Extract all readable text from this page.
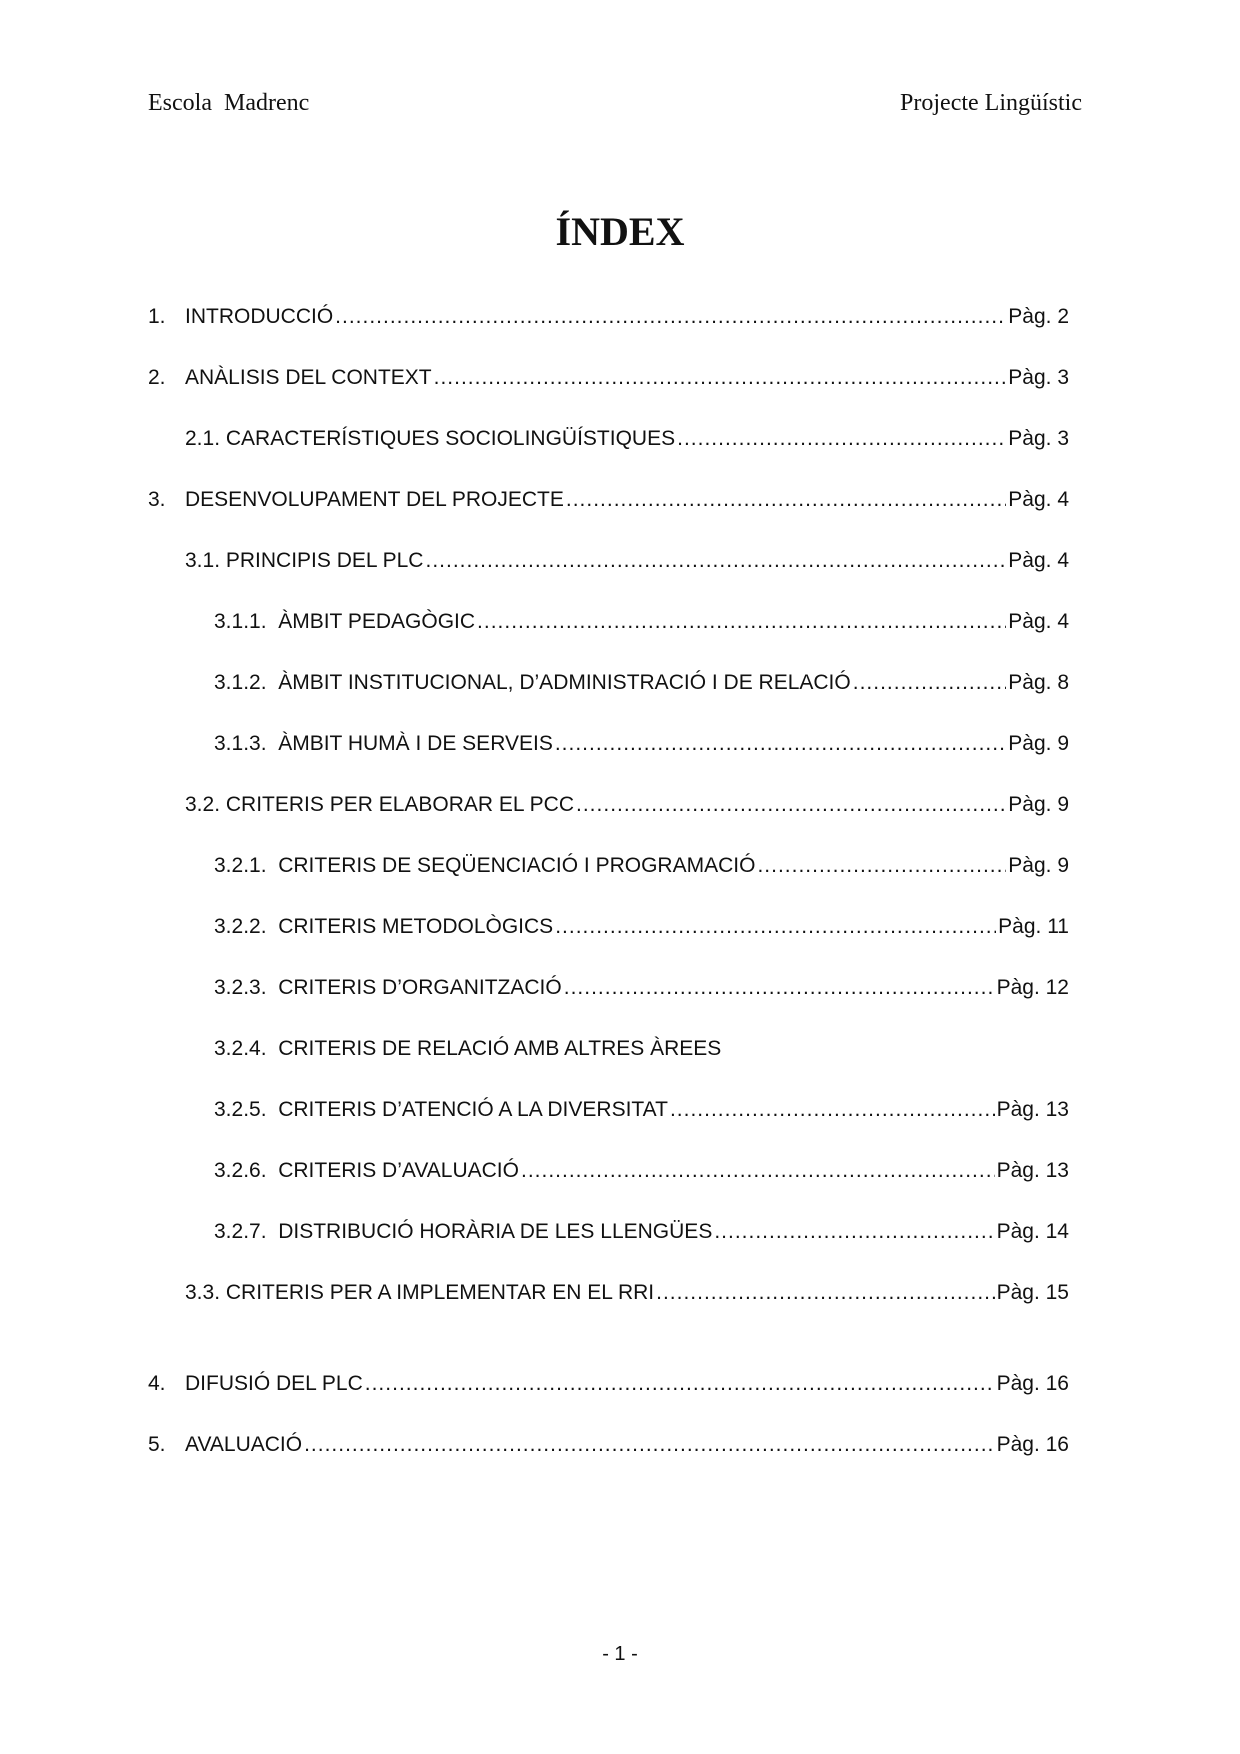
Escola  Madrenc	Projecte Lingüístic
ÍNDEX
1. INTRODUCCIÓ .....	Pàg. 2
2. ANÀLISIS DEL CONTEXT .....	Pàg. 3
2.1. CARACTERÍSTIQUES SOCIOLINGÜÍSTIQUES .....	Pàg. 3
3. DESENVOLUPAMENT DEL PROJECTE .....	Pàg. 4
3.1. PRINCIPIS DEL PLC .....	Pàg. 4
3.1.1.  ÀMBIT PEDAGÒGIC .....	Pàg. 4
3.1.2.  ÀMBIT INSTITUCIONAL, D’ADMINISTRACIÓ I DE RELACIÓ .....	Pàg. 8
3.1.3.  ÀMBIT HUMÀ I DE SERVEIS .....	Pàg. 9
3.2. CRITERIS PER ELABORAR EL PCC .....	Pàg. 9
3.2.1.  CRITERIS DE SEQÜENCIACIÓ I PROGRAMACIÓ .....	Pàg. 9
3.2.2.  CRITERIS METODOLÒGICS .....	Pàg. 11
3.2.3.  CRITERIS D’ORGANITZACIÓ .....	Pàg. 12
3.2.4.  CRITERIS DE RELACIÓ AMB ALTRES ÀREES
3.2.5.  CRITERIS D’ATENCIÓ A LA DIVERSITAT .....	Pàg. 13
3.2.6.  CRITERIS D’AVALUACIÓ .....	Pàg. 13
3.2.7.  DISTRIBUCIÓ HORÀRIA DE LES LLENGÜES .....	Pàg. 14
3.3. CRITERIS PER A IMPLEMENTAR EN EL RRI .....	Pàg. 15
4. DIFUSIÓ DEL PLC .....	Pàg. 16
5. AVALUACIÓ .....	Pàg. 16
- 1 -
